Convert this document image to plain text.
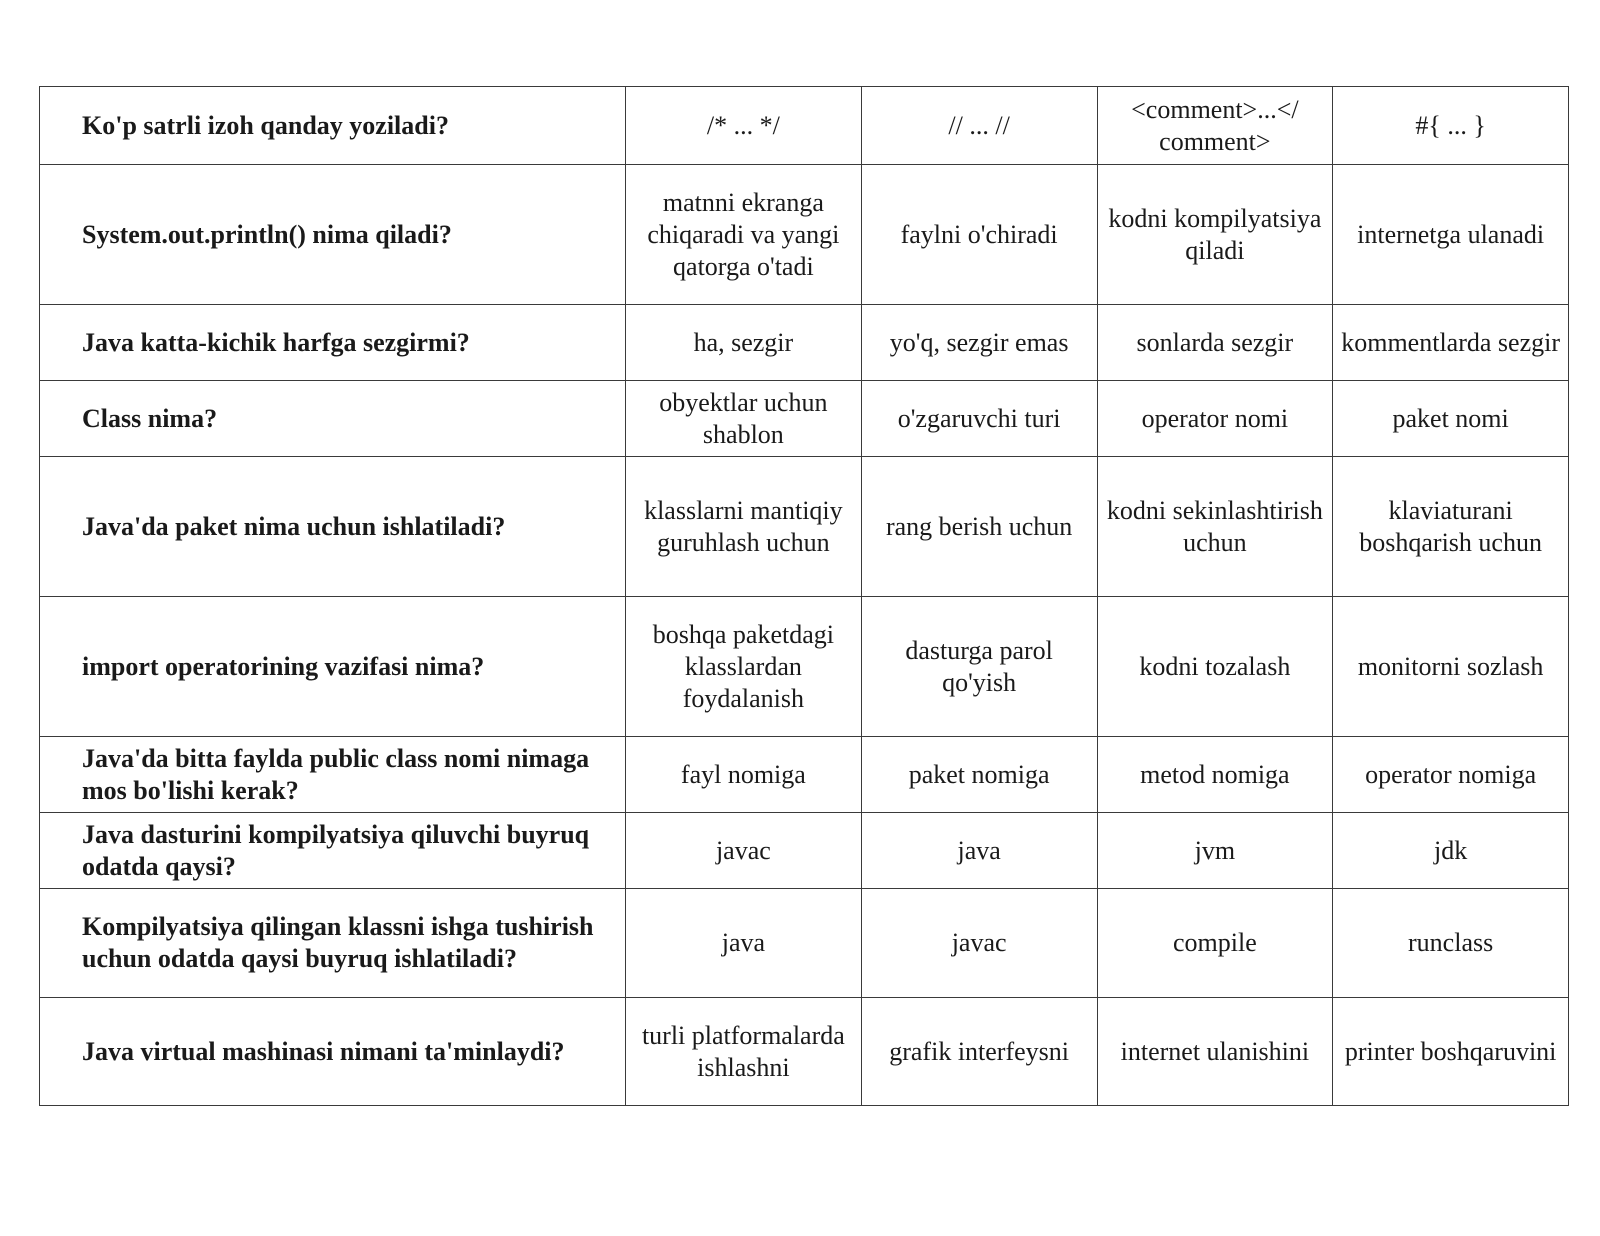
Ko'p satrli izoh qanday yoziladi?	/* ... */	// ... //	<comment>...</ comment>	#{ ... }
System.out.println() nima qiladi?	matnni ekranga chiqaradi va yangi qatorga o'tadi	faylni o'chiradi	kodni kompilyatsiya qiladi	internetga ulanadi
Java katta-kichik harfga sezgirmi?	ha, sezgir	yo'q, sezgir emas	sonlarda sezgir	kommentlarda sezgir
Class nima?	obyektlar uchun shablon	o'zgaruvchi turi	operator nomi	paket nomi
Java'da paket nima uchun ishlatiladi?	klasslarni mantiqiy guruhlash uchun	rang berish uchun	kodni sekinlashtirish uchun	klaviaturani boshqarish uchun
import operatorining vazifasi nima?	boshqa paketdagi klasslardan foydalanish	dasturga parol qo'yish	kodni tozalash	monitorni sozlash
Java'da bitta faylda public class nomi nimaga mos bo'lishi kerak?	fayl nomiga	paket nomiga	metod nomiga	operator nomiga
Java dasturini kompilyatsiya qiluvchi buyruq odatda qaysi?	javac	java	jvm	jdk
Kompilyatsiya qilingan klassni ishga tushirish uchun odatda qaysi buyruq ishlatiladi?	java	javac	compile	runclass
Java virtual mashinasi nimani ta'minlaydi?	turli platformalarda ishlashni	grafik interfeysni	internet ulanishini	printer boshqaruvini
